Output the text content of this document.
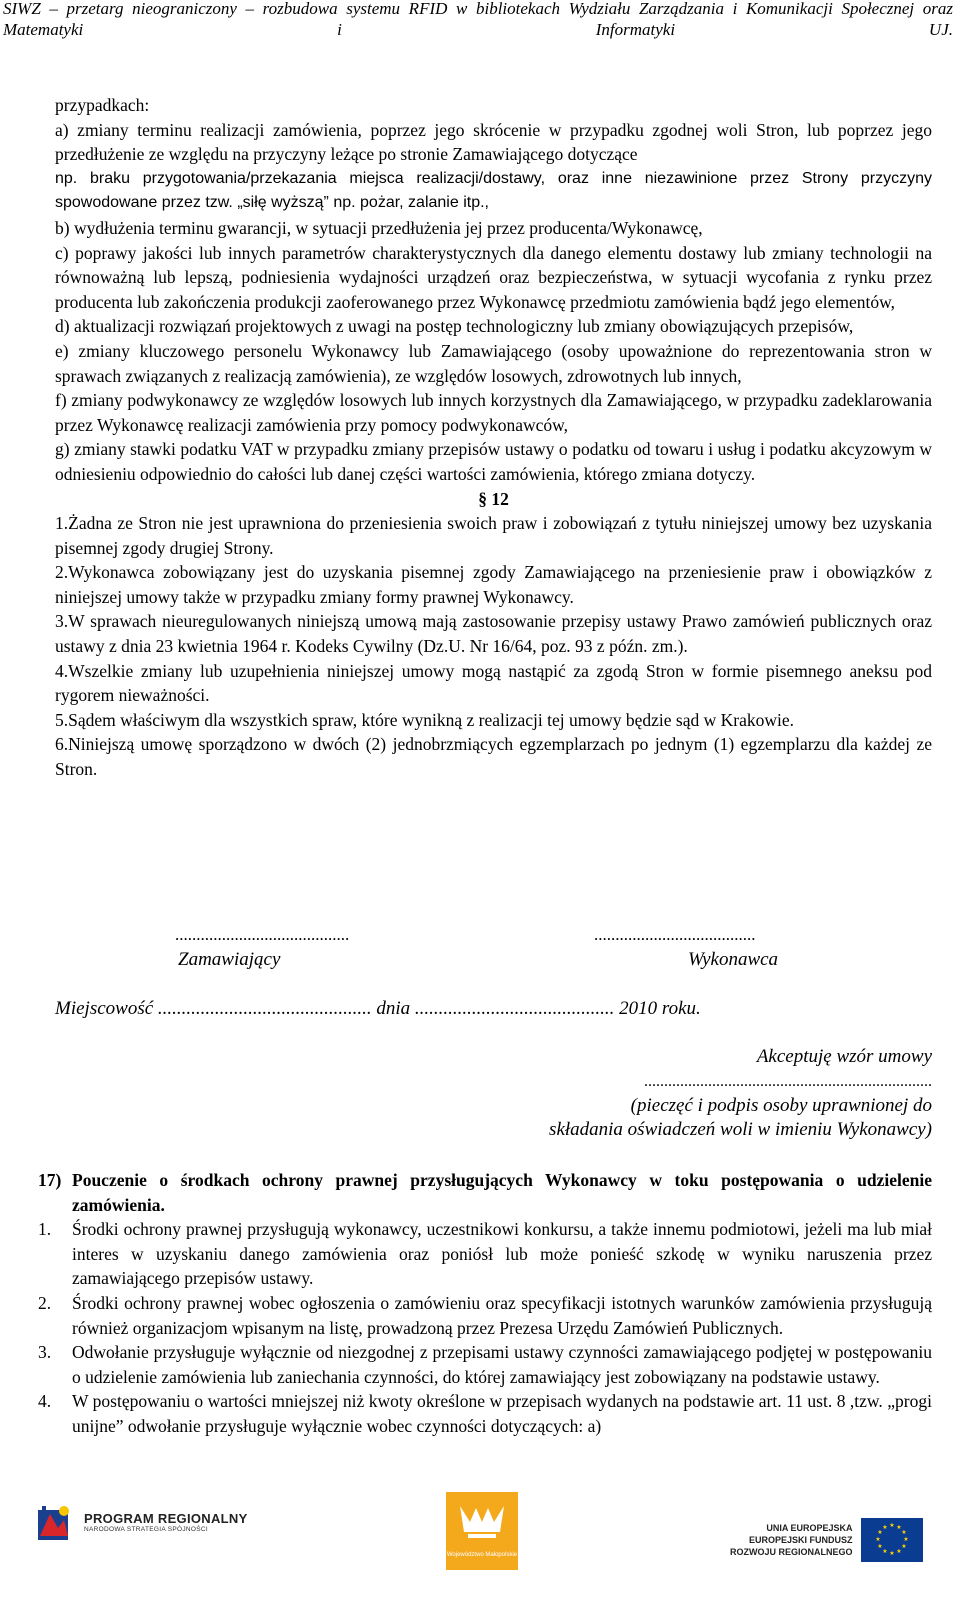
SIWZ – przetarg nieograniczony – rozbudowa systemu RFID w bibliotekach Wydziału Zarządzania i Komunikacji Społecznej oraz Matematyki i Informatyki UJ.

przypadkach:

a) zmiany terminu realizacji zamówienia, poprzez jego skrócenie w przypadku zgodnej woli Stron, lub poprzez jego przedłużenie ze względu na przyczyny leżące po stronie Zamawiającego dotyczące

np. braku przygotowania/przekazania miejsca realizacji/dostawy, oraz inne niezawinione przez Strony przyczyny spowodowane przez tzw. „siłę wyższą” np. pożar, zalanie itp.,

b) wydłużenia terminu gwarancji, w sytuacji przedłużenia jej przez producenta/Wykonawcę,

c) poprawy jakości lub innych parametrów charakterystycznych dla danego elementu dostawy lub zmiany technologii na równoważną lub lepszą, podniesienia wydajności urządzeń oraz bezpieczeństwa, w sytuacji wycofania z rynku przez producenta lub zakończenia produkcji zaoferowanego przez Wykonawcę przedmiotu zamówienia bądź jego elementów,

d) aktualizacji rozwiązań projektowych z uwagi na postęp technologiczny lub zmiany obowiązujących przepisów,

e) zmiany kluczowego personelu Wykonawcy lub Zamawiającego (osoby upoważnione do reprezentowania stron w sprawach związanych z realizacją zamówienia), ze względów losowych, zdrowotnych lub innych,

f) zmiany podwykonawcy ze względów losowych lub innych korzystnych dla Zamawiającego, w przypadku zadeklarowania przez Wykonawcę realizacji zamówienia przy pomocy podwykonawców,

g) zmiany stawki podatku VAT w przypadku zmiany przepisów ustawy o podatku od towaru i usług i podatku akcyzowym w odniesieniu odpowiednio do całości lub danej części wartości zamówienia, którego zmiana dotyczy.

§ 12

1.Żadna ze Stron nie jest uprawniona do przeniesienia swoich praw i zobowiązań z tytułu niniejszej umowy bez uzyskania pisemnej zgody drugiej Strony.

2.Wykonawca zobowiązany jest do uzyskania pisemnej zgody Zamawiającego na przeniesienie praw i obowiązków z niniejszej umowy także w przypadku zmiany formy prawnej Wykonawcy.

3.W sprawach nieuregulowanych niniejszą umową mają zastosowanie przepisy ustawy Prawo zamówień publicznych oraz ustawy z dnia 23 kwietnia 1964 r. Kodeks Cywilny (Dz.U. Nr 16/64, poz. 93 z późn. zm.).

4.Wszelkie zmiany lub uzupełnienia niniejszej umowy mogą nastąpić za zgodą Stron w formie pisemnego aneksu pod rygorem nieważności.

5.Sądem właściwym dla wszystkich spraw, które wynikną z realizacji tej umowy będzie sąd w Krakowie.

6.Niniejszą umowę sporządzono w dwóch (2) jednobrzmiących egzemplarzach po jednym (1) egzemplarzu dla każdej ze Stron.

.........................................	......................................
Zamawiający	Wykonawca
Miejscowość ............................................. dnia .......................................... 2010 roku.
Akceptuję wzór umowy
........................................................................
(pieczęć i podpis osoby uprawnionej do
składania oświadczeń woli w imieniu Wykonawcy)
17) Pouczenie o środkach ochrony prawnej przysługujących Wykonawcy w toku postępowania o udzielenie zamówienia.
1.	Środki ochrony prawnej przysługują wykonawcy, uczestnikowi konkursu, a także innemu podmiotowi, jeżeli ma lub miał interes w uzyskaniu danego zamówienia oraz poniósł lub może ponieść szkodę w wyniku naruszenia przez zamawiającego przepisów ustawy.
2.	Środki ochrony prawnej wobec ogłoszenia o zamówieniu oraz specyfikacji istotnych warunków zamówienia przysługują również organizacjom wpisanym na listę, prowadzoną przez Prezesa Urzędu Zamówień Publicznych.
3.	Odwołanie przysługuje wyłącznie od niezgodnej z przepisami ustawy czynności zamawiającego podjętej w postępowaniu o udzielenie zamówienia lub zaniechania czynności, do której zamawiający jest zobowiązany na podstawie ustawy.
4.	W postępowaniu o wartości mniejszej niż kwoty określone w przepisach wydanych na podstawie art. 11 ust. 8 ,tzw. „progi unijne” odwołanie przysługuje wyłącznie wobec czynności dotyczących: a)
PROGRAM REGIONALNY
NARODOWA STRATEGIA SPÓJNOŚCI
Województwo Małopolskie
UNIA EUROPEJSKA
EUROPEJSKI FUNDUSZ
ROZWOJU REGIONALNEGO
★ ★
★
★
★
★
★
★
★
★
★
★
